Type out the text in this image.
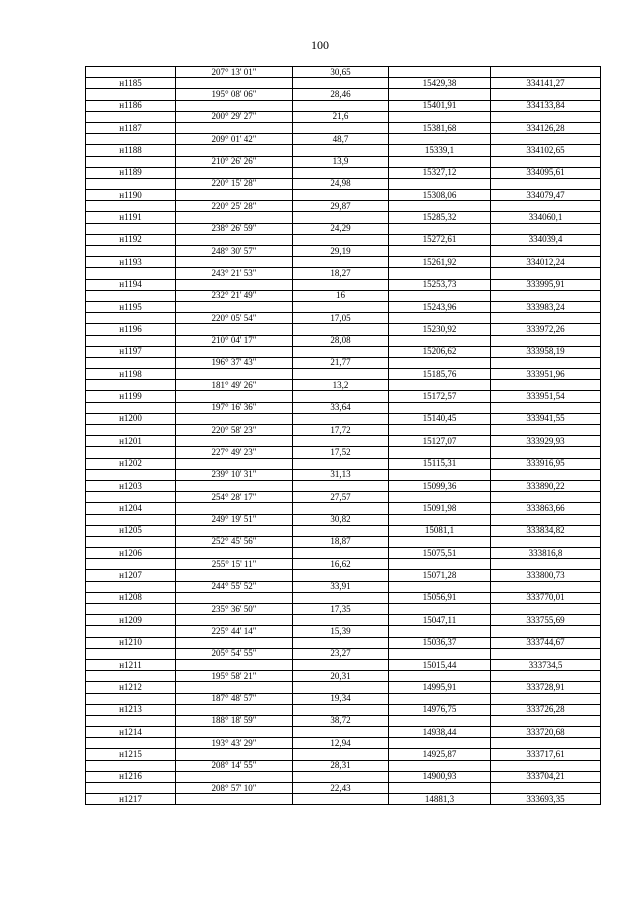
100
	207° 13' 01"	30,65		
н1185			15429,38	334141,27
	195° 08' 06"	28,46		
н1186			15401,91	334133,84
	200° 29' 27"	21,6		
н1187			15381,68	334126,28
	209° 01' 42"	48,7		
н1188			15339,1	334102,65
	210° 26' 26"	13,9		
н1189			15327,12	334095,61
	220° 15' 28"	24,98		
н1190			15308,06	334079,47
	220° 25' 28"	29,87		
н1191			15285,32	334060,1
	238° 26' 59"	24,29		
н1192			15272,61	334039,4
	248° 30' 57"	29,19		
н1193			15261,92	334012,24
	243° 21' 53"	18,27		
н1194			15253,73	333995,91
	232° 21' 49"	16		
н1195			15243,96	333983,24
	220° 05' 54"	17,05		
н1196			15230,92	333972,26
	210° 04' 17"	28,08		
н1197			15206,62	333958,19
	196° 37' 43"	21,77		
н1198			15185,76	333951,96
	181° 49' 26"	13,2		
н1199			15172,57	333951,54
	197° 16' 36"	33,64		
н1200			15140,45	333941,55
	220° 58' 23"	17,72		
н1201			15127,07	333929,93
	227° 49' 23"	17,52		
н1202			15115,31	333916,95
	239° 10' 31"	31,13		
н1203			15099,36	333890,22
	254° 28' 17"	27,57		
н1204			15091,98	333863,66
	249° 19' 51"	30,82		
н1205			15081,1	333834,82
	252° 45' 56"	18,87		
н1206			15075,51	333816,8
	255° 15' 11"	16,62		
н1207			15071,28	333800,73
	244° 55' 52"	33,91		
н1208			15056,91	333770,01
	235° 36' 50"	17,35		
н1209			15047,11	333755,69
	225° 44' 14"	15,39		
н1210			15036,37	333744,67
	205° 54' 55"	23,27		
н1211			15015,44	333734,5
	195° 58' 21"	20,31		
н1212			14995,91	333728,91
	187° 48' 57"	19,34		
н1213			14976,75	333726,28
	188° 18' 59"	38,72		
н1214			14938,44	333720,68
	193° 43' 29"	12,94		
н1215			14925,87	333717,61
	208° 14' 55"	28,31		
н1216			14900,93	333704,21
	208° 57' 10"	22,43		
н1217			14881,3	333693,35
